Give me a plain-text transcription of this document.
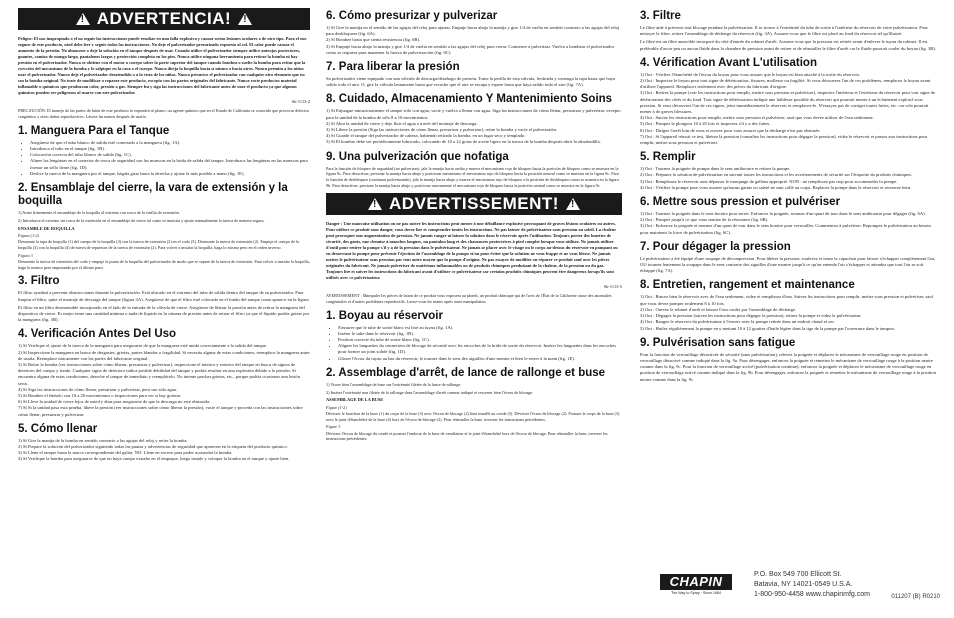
!
ADVERTENCIA!
!

Peligro: El uso inapropiado o el no seguir las instrucciones puede resultar en una falla explosiva y causar serias lesiones oculares o de otro tipo. Para el uso seguro de este producto, uted debe leer y seguir todas las instrucciones. No deje el pulverizador presurizado expuesto al sol. El calor puede causar el aumento de la presión. No almacene o deje la solución en el tanque después de usar. Cuando utilice el pulverizador siempre utilice anteojos protectores, guantes, camisa de manga larga, pantalones largos y protección completa en los pies. Nunca utilice ninguna herramienta para retirar la bomba ni hay presión en el pulverizador. Nunca se obtiene con el motor o cuerpo sobre la parte superior del tanque cuando bombea o suelte la bomba para evitar que la eyección del mecanismo de la bomba y lo salpique en la cara o el cuerpo. Nunca dirija la boquilla hacia sí mismo o hacia otros. Nunca permita a los niños usar el pulverizador. Nunca deje el pulverizador desatendido o a la vista de los niños. Nunca presurice el pulverizador con cualquier otro elemento que no sea la bomba original. No trate de modificar o reparar este producto, excepto con las partes originales del fabricante. Nunca rocíe productos material inflamable o químicos que produzcan calor, presión o gas. Siempre lea y siga las instrucciones del fabricante antes de usar el producto ya que algunos químicos pueden ser peligrosos al usarse con este pulverizador.

Sk-1113-2

PRECAUCIÓN: El manejo de las partes de latón de este producto lo expondrá al plomo, un agente químico que en el Estado de California se conocido que provocar defectos congénitos y otros daños reproductivos. Lávese las manos después de usarlo.

1. Manguera Para el Tanque
• Asegúrese de que el tubo blanco de salida esté conectado a la manguera (fig. 1A).
• Introduzca el tubo en el tanque (fig. 1B).
• Colocación correcta del tubo blanco de salida (fig. 1C).
• Alinee las lengüetas en el conector de rosca de seguridad con las muescas en la brida de salida del tanque. Introduzca las lengüetas en las muescas para formar un sello firme (fig. 1D).
• Deslice la tuerca de la manguera por el tanque, hágala girar hasta la derecha y ajuste la más posible a mano (fig. 1E).
2. Ensamblaje del cierre, la vara de extensión y la boquilla

1) Arme firmemente el ensamblaje de la boquilla al extremo con rosca de la varilla de extensión.

2) Introduzca el extremo sin rosca de la extensión en el ensamblaje de cierre tal como se muestra y ajuste manualmente la tuerca de manera segura.

ENSAMBLE DE BOQUILLA

Figura (1-2)

Desmonte la tapa de boquilla (1) del cuerpo de la boquilla (3) con la tuerca de extensión (2) en el codo (5). Desmonte la tuerca de extensión (2). Empuje el cuerpo de la boquilla (3) con la boquilla (4) de nueva de repuestos de la tuerca de extensión (2). Para volver a instalar la boquilla, haga lo mismo pero en el orden inverso.

Figura 3

Desmonte la tuerca de extensión del codo y empuje la punta de la boquilla del pulverizador de modo que se separe de la tuerca de extensión. Para volver a instalar la boquilla, haga lo mismo pero empezando por el último paso.

3. Filtro

El filtro ayudará a prevenir obstrucciones durante la pulverización. Está ubicado en el extremo del tubo de salida dentro del tanque de su pulverizador. Para limpiar el filtro, quite el montaje de descarga del tanque (figura 3A). Asegúrese de que el filtro esté colocado en el fondo del tanque como aparece en la figura.

El filtro en un filtro desmontable incorporado en el lado de la entrada de la válvula de cierre. Asegúrese de liberar la presión antes de retirar la manguera del dispositivo de cierre. Es mejor tener una cantidad mínima o nada de líquido en la cámara de presión antes de retirar el filtro ya que el líquido podría gotear por la manguera (fig. 3B).

4. Verificación Antes Del Uso

1) Sí Verifique el ajuste de la tuerca de la manguera para asegurarse de que la manguera esté unida correctamente a la salida del tanque.

2) Sí Inspeccione la manguera en busca de desgastes, grietas, partes blandas o fragilidad. Si necesita alguna de estas condiciones, reemplace la manguera antes de usarla. Reemplace únicamente con las partes del fabricante original.

3) Sí Retire la bomba (ver instrucciones sobre cómo liberar, presurizar y pulverizar), inspeccione el interior y exterior del tanque en busca de signos de deterioro del cuerpo y fondo. Cualquier signo de deterioro indica posible debilidad del tanque y podría resultar en una explosión debido a la presión. Si encuentra alguna de estas condiciones, deseche el tanque de inmediato y reemplácelo. No intente parchar grietas, etc., porque podría ocasionar una lesión seria.

4) Sí Siga las instrucciones de cómo llenar, presurizar y pulverizar, pero use sólo agua.

5) Sí Bombee el émbolo con 10 a 20 movimientos o impacciones para ver si hay goteras.

6) Sí Lleve la unidad de cierre lejos de usted y abra para asegurarse de que la descarga no esté obstruida.

7) Sí Si la unidad pasa esta prueba, libere la presión (ver instrucciones sobre cómo liberar la presión), vacíe el tanque y proceda con las instrucciones sobre cómo llenar, presurizar y pulverizar.

5. Cómo llenar

1) Sí Gire la manija de la bomba en sentido contrario a las agujas del reloj y retire la bomba.

2) Sí Prepare la solución del pulverizador siguiendo todas las pautas y advertencias de seguridad que aparecen en la etiqueta del producto químico.

3) Sí Llene el tanque hasta la marca correspondiente del galón. NO: Llene en exceso para poder acomodar la bomba.

4) Sí Verifique la bomba para asegurarse de que no haya cuerpo extraño en el empaque, luego instale y coloque la bomba en el tanque y ajuste bien.

6. Cómo presurizar y pulverizar

1) Sí Gire la manija en el sentido de las agujas del reloj para ajustar. Empuje hacia abajo la manija y gire 1/4 de vuelta en sentido contrario a las agujas del reloj para desbloquear (fig. 6A).

2) Sí Bombee hasta que sienta resistencia (fig. 6B).

3) Sí Empuje hacia abajo la manija y gire 1/4 de vuelta en sentido a las agujas del reloj para cerrar. Comience a pulverizar. Vuelva a bombear el pulverizador como se requiera para mantener la fuerza de pulverización (fig. 6C).

7. Para liberar la presión

Su pulverizador viene equipado con una válvula de descarga/desahogo de presión. Tome la perilla de esta válvula, levántela y sostenga la tapa hasta que haya salido todo el aire. O, gire la válvula lentamente hasta que escuche que el aire se escapa y espere hasta que haya salido todo el aire (fig. 7A).

8. Cuidado, Almacenamiento Y Mantenimiento Soins

1) Sí Enjuague minuciosamente el tanque sólo con agua, vacíe y vuelva a llenar con agua. Siga las instrucciones de cómo llenar, presurizar y pulverizar, excepto para la unidad de la bomba de sólo 8 a 10 movimientos.

2) Sí Abra la unidad de cierre y deje fluir el agua a través del montaje de descarga.

3) Sí Libere la presión (Siga las instrucciones de cómo llenar, presurizar y pulverizar), retire la bomba y vacíe el pulverizador.

4) Sí Guarde el tanque del pulverizador de cabeza, habiendo retirado la bomba, en un lugar seco y templado.

5) Sí El hombre debe ser periódicamente lubricado, colocando de 10 a 12 gotas de aceite ligero en la tuerca de la bomba después abrir la almohadilla.

9. Una pulverización que nofatiga

Para la función de bloqueo de seguridad (no pulverizar), jale la manija hacia arriba y mueva el mecanismo rojo de bloqueo hacia la posición de bloqueo como se muestra en la figura 9c. Para desactivar, presione la manija hacia abajo y posicione mecanismo el mecanismo rojo de bloqueo hacia la posición neutral como se muestra en la figura 9c. Para la función de desbloqueo (continuar pulverizando), jale la manija hacia abajo y mueva el mecanismo rojo de bloqueo a la posición de desbloqueo como se muestra en la figura 9b. Para desactivar, presione la manija hacia abajo y posicione nuevamente el mecanismo rojo de bloqueo hacia la posición neutral como se muestra en la figura 9c.

!
ADVERTISSEMENT!
!

Danger : Une mauvaise utilisation ou ne pas suivre les instructions peut mener à une défaillance explosive provoquant de graves lésions oculaires ou autres. Pour utiliser ce produit sans danger, vous devez lire et comprendre toutes les instructions. Ne pas laisser de pulvérisateur sous pression au soleil. La chaleur peut provoquer une augmentation de pression. Ne jamais ranger ni laisser la solution dans le réservoir après l'utilisation. Toujours porter des lunettes de sécurité, des gants, une chemise à manches longues, un pantalon long et des chaussures protectrices à pied complet lorsque vous utilisez. Ne jamais utiliser d'outil pour retirer la pompe s'il y a de la pression dans le pulvérisateur. Ne jamais se placer avec le visage ou le corps au-dessus du réservoir en pompant ou en desserrant la pompe pour prévenir l'éjection de l'assemblage de la pompe et/ou pour éviter que la solution ne vous frappe et ne vous blesse. Ne jamais mettre le pulvérisateur sous pression par tout autre moyen que la pompe d'origine. Ne pas essayer de modifier ou réparer ce produit sauf avec les pièces originales du fabricant. Ne jamais pulvériser de matériaux inflammables ou de produits chimiques produisant de la chaleur, de la pression ou du gaz. Toujours lire et suivre les instructions du fabricant avant d'utiliser ce pulvérisateur car certains produits chimiques peuvent être dangereux lorsqu'ils sont utilisés avec ce pulvérisateur.

Sk-1113-5

AVERTISSEMENT : Manipuler les pièces de laiton de ce produit vous exposera au plomb, un produit chimique qui de l'avis de l'État de la Californie cause des anomalies congénitales et d'autres problèmes reproductifs. Lavez-vous les mains après toute manipulation.

1. Boyau au réservoir
• S'assurer que le tube de sortie blanc est fixé au tuyau (fig. 1A).
• Insérer le tube dans le réservoir (fig. 1B).
• Position correcte du tube de sortie blanc (fig. 1C).
• Aligner les languettes du connecteur de blocage de sécurité avec les encoches de la bride de sortie du réservoir. Insérer les languettes dans les encoches pour former un joint solide (fig. 1D).
• Glisser l'écrou du tuyau au bas du réservoir, le tourner dans le sens des aiguilles d'une montre et bien le serrer à la main (fig. 1E).
2. Assemblage d'arrêt, de lance de rallonge et buse

1) Visser bien l'assemblage de buse sur l'extrémité filetée de la lance de rallonge.

2) Insérer l'extrémité non filetée de la rallonge dans l'assemblage d'arrêt comme indiqué et resserrer bien l'écrou de blocage.

ASSEMBLAGE DE LA BUSE

Figure (1-2)

Dévisser le bouchon de la buse (1) du corps de la buse (3) avec l'écrou de blocage (2) bien installé au coude (5). Dévisser l'écrou de blocage (2). Pousser le corps de la buse (3) avec le joint d'étanchéité de la buse (4) hors de l'écrou de blocage (2). Pour réinstaller la buse, inverser les instructions précédentes.

Figure 3

Dévisser l'écrou de blocage du coude et pousser l'embout de la buse de ventilateur et le joint d'étanchéité hors de l'écrou de blocage. Pour réinstaller la buse, inverser les instructions précédentes.

3. Filtre

Le filtre aide à prévenir tout blocage pendant la pulvérisation. Il se trouve à l'extrémité du tube de sortie à l'intérieur du réservoir de votre pulvérisateur. Pour nettoyer le filtre, retirez l'assemblage de décharge du réservoir (fig. 3A). Assurez-vous que le filtre est placé au fond du réservoir tel qu'illustré.

Le filtre est un filtre amovible incorporé du côté d'entrée du robinet d'arrêt. Assurez-vous que la pression est retirée avant d'enlever le tuyau du robinet. Il est préférable d'avoir peu ou aucun fluide dans la chambre de pression avant de retirer et de réinstaller le filtre d'arrêt car le fluide pourrait couler du boyau (fig. 3B).

4. Vérification Avant L'utilisation

1) Oui : Vérifiez l'étanchéité de l'écrou du boyau pour vous assurer que le boyau est bien attaché à la sortie du réservoir.

2) Oui : Inspectez le boyau pour tout signe de détérioration, fissures, mollesse ou fragilité. Si vous découvrez l'un de ces problèmes, remplacez le boyau avant d'utiliser l'appareil. Remplacer seulement avec des pièces du fabricant d'origine.

3) Oui : Retirez la pompe (voir les instructions pour remplir, mettre sous pression et pulvériser), inspectez l'intérieur et l'extérieur du réservoir pour voir signe de détérioration des côtés et du fond. Tout signe de détérioration indique une faiblesse possible du réservoir qui pourrait mener à un éclatement explosif sous pression. Si vous découvrez l'un de ces signes, jetez immédiatement le réservoir et remplacez-le. N'essayez pas de corriger toutes fuites, etc. car cela pourrait mener à de graves blessures.

4) Oui : Suivez les instructions pour remplir, mettre sous pression et pulvériser, sauf que vous devez utiliser de l'eau seulement.

5) Oui : Pompez le plongeur 10 à 20 fois et inspectez s'il y a des fuites.

6) Oui : Dirigez l'arrêt loin de vous et ouvrez pour vous assurer que la décharge n'est pas obstruée.

7) Oui : Si l'appareil réussit ce test, libérez la pression (consultez les instructions pour dégager la pression), videz le réservoir et passez aux instructions pour remplir, mettre sous pression et pulvériser.

5. Remplir

1) Oui : Tournez la poignée de pompe dans le sens antihoraire et retirez la pompe.

2) Oui : Préparez la solution de pulvérisation en suivant toutes les instructions et les avertissements de sécurité sur l'étiquette du produits chimiques.

3) Oui : Remplissez le réservoir sans dépasser le marquage de gallons approprié. NON : ne remplissez pas trop pour accommoder la pompe.

4) Oui : Vérifiez la pompe pour vous assurer qu'aucun garnis ou saleté ne sont collé au corps. Replacez la pompe dans le réservoir et resserrez bien.

6. Mettre sous pression et pulvériser

1) Oui : Tournez la poignée dans le sens horaire pour serrer. Enfoncez la poignée, tournez d'un quart de tour dans le sens antihoraire pour dégager (fig. 6A).

2) Oui : Pompez jusqu'à ce que vous sentiez de la résistance (fig. 6B).

3) Oui : Enfoncez la poignée et tournez d'un quart de tour dans le sens horaire pour verrouiller. Commencez à pulvériser. Repompez le pulvérisateur au besoin pour maintenir la force de pulvérisation (fig. 6C).

7. Pour dégager la pression

Le pulvérisateur a été équipé d'une soupape de décompression. Pour libérer la pression, soulevez et tenez la capuchon pour laisser s'échapper complètement l'air, OU tournez lentement la soupape dans le sens contraire des aiguilles d'une montre jusqu'à ce qu'on entende l'air s'échapper et attendez que tout l'air se soit échappé (fig. 7A).

8. Entretien, rangement et maintenance

1) Oui : Rincez bien le réservoir avec de l'eau seulement, videz et remplissez d'eau. Suivez les instructions pour remplir, mettre sous pression et pulvériser, sauf que vous devez pomper seulement 8 à 10 fois.

2) Oui : Ouvrez le robinet d'arrêt et laissez l'eau couler par l'assemblage de décharge.

3) Oui : Dégagez la pression (suivez les instructions pour dégager la pression), retirez la pompe et videz le pulvérisateur.

4) Oui : Rangez le réservoir du pulvérisateur à l'envers avec la pompe retirée dans un endroit chaud et sec.

5) Oui : Huilez régulièrement la pompe en y mettant 10 à 12 gouttes d'huile légère dans la tige de la pompe par l'ouverture dans le tampon.

9. Pulvérisation sans fatigue

Pour la fonction de verrouillage désactivée de sécurité (sans pulvérisation), relevez la poignée et déplacez le mécanisme de verrouillage rouge en position de verrouillage désactivé comme indiqué dans la fig. 9a. Pour désengager, enfoncez la poignée et remettez le mécanisme de verrouillage rouge à la position neutre comme dans la fig. 9c. Pour la fonction de verrouillage activé (pulvérisation continue), enfoncez la poignée et déplacez le mécanisme de verrouillage rouge en position de verrouillage activé comme indiqué dans la fig. 9b. Pour désengager, enfoncez la poignée et remettez le mécanisme de verrouillage rouge à la position neutre comme dans la fig. 9c.

CHAPIN
The Way to Spray · Since 1884
P.O. Box 549 700 Ellicott St.
Batavia, NY 14021-0549 U.S.A.
1-800-950-4458 www.chapinmfg.com	011207 (B) R0210
